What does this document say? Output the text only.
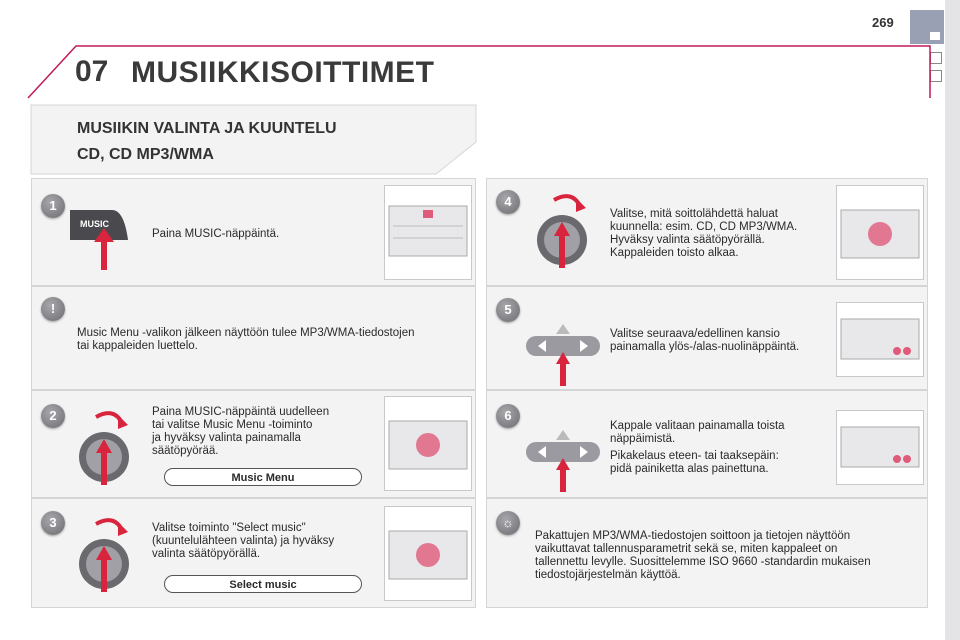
269
07 MUSIIKKISOITTIMET
MUSIIKIN VALINTA JA KUUNTELU
CD, CD MP3/WMA
1
MUSIC
Paina MUSIC-näppäintä.
!
Music Menu -valikon jälkeen näyttöön tulee MP3/WMA-tiedostojen
tai kappaleiden luettelo.
2	Paina MUSIC-näppäintä uudelleen
tai valitse Music Menu -toiminto
ja hyväksy valinta painamalla
säätöpyörää.
Music Menu
3	Valitse toiminto "Select music"
(kuuntelulähteen valinta) ja hyväksy
valinta säätöpyörällä.
Select music
4
Valitse, mitä soittolähdettä haluat
kuunnella: esim. CD, CD MP3/WMA.
Hyväksy valinta säätöpyörällä.
Kappaleiden toisto alkaa.
5
Valitse seuraava/edellinen kansio
painamalla ylös-/alas-nuolinäppäintä.
6
Kappale valitaan painamalla toista
näppäimistä.
Pikakelaus eteen- tai taaksepäin:
pidä painiketta alas painettuna.
☼
Pakattujen MP3/WMA-tiedostojen soittoon ja tietojen näyttöön
vaikuttavat tallennusparametrit sekä se, miten kappaleet on
tallennettu levylle. Suosittelemme ISO 9660 -standardin mukaisen
tiedostojärjestelmän käyttöä.
